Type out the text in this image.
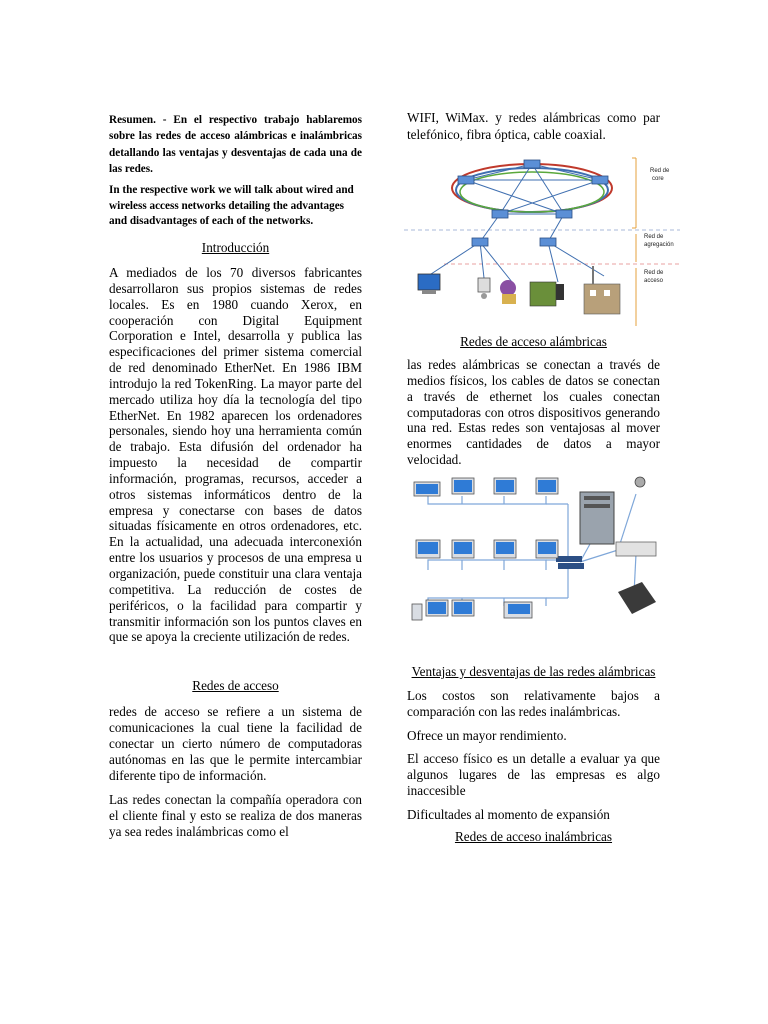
Resumen. - En el respectivo trabajo hablaremos sobre las redes de acceso alámbricas e inalámbricas detallando las ventajas y desventajas de cada una de las redes.

In the respective work we will talk about wired and wireless access networks detailing the advantages and disadvantages of each of the networks.

Introducción

A mediados de los 70 diversos fabricantes desarrollaron sus propios sistemas de redes locales. Es en 1980 cuando Xerox, en cooperación con Digital Equipment Corporation e Intel, desarrolla y publica las especificaciones del primer sistema comercial de red denominado EtherNet. En 1986 IBM introdujo la red TokenRing. La mayor parte del mercado utiliza hoy día la tecnología del tipo EtherNet. En 1982 aparecen los ordenadores personales, siendo hoy una herramienta común de trabajo. Esta difusión del ordenador ha impuesto la necesidad de compartir información, programas, recursos, acceder a otros sistemas informáticos dentro de la empresa y conectarse con bases de datos situadas físicamente en otros ordenadores, etc. En la actualidad, una adecuada interconexión entre los usuarios y procesos de una empresa u organización, puede constituir una clara ventaja competitiva. La reducción de costes de periféricos, o la facilidad para compartir y transmitir información son los puntos claves en que se apoya la creciente utilización de redes.

Redes de acceso

redes de acceso se refiere a un sistema de comunicaciones la cual tiene la facilidad de conectar un cierto número de computadoras autónomas en las que le permite intercambiar diferente tipo de información.

Las redes conectan la compañía operadora con el cliente final y esto se realiza de dos maneras ya sea redes inalámbricas como el

WIFI, WiMax. y redes alámbricas como par telefónico, fibra óptica, cable coaxial.

Red de
core
Red de
agregación
Red de
acceso

Redes de acceso alámbricas

las redes alámbricas se conectan a través de medios físicos, los cables de datos se conectan a través de ethernet los cuales conectan computadoras con otros dispositivos generando una red. Estas redes son ventajosas al mover enormes cantidades de datos a mayor velocidad.

Ventajas y desventajas de las redes alámbricas

Los costos son relativamente bajos a comparación con las redes inalámbricas.

Ofrece un mayor rendimiento.

El acceso físico es un detalle a evaluar ya que algunos lugares de las empresas es algo inaccesible

Dificultades al momento de expansión

Redes de acceso inalámbricas
